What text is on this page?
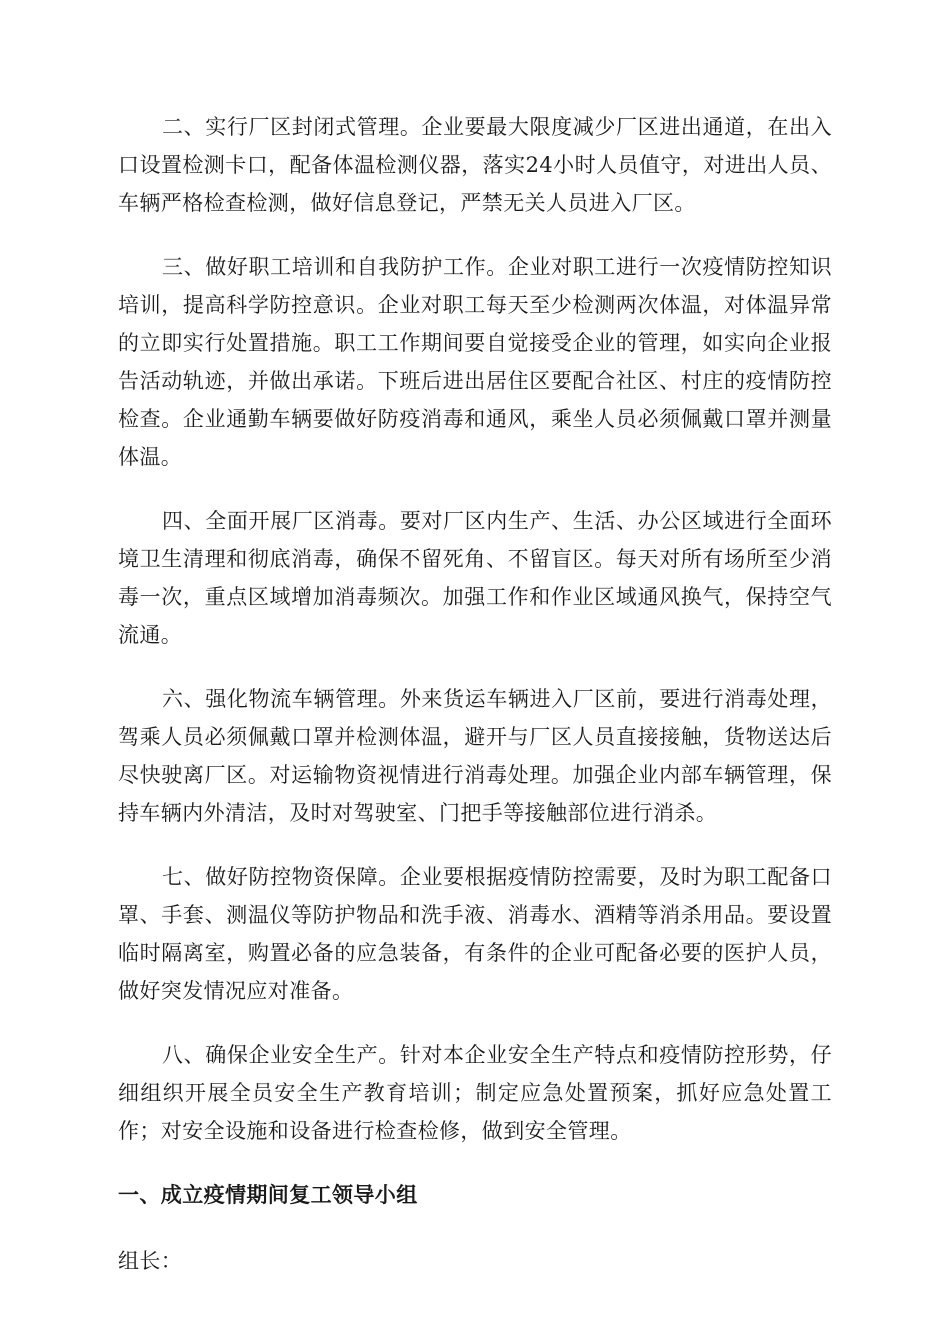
二、实行厂区封闭式管理。企业要最大限度减少厂区进出通道，在出入口设置检测卡口，配备体温检测仪器，落实24小时人员值守，对进出人员、车辆严格检查检测，做好信息登记，严禁无关人员进入厂区。

三、做好职工培训和自我防护工作。企业对职工进行一次疫情防控知识培训，提高科学防控意识。企业对职工每天至少检测两次体温，对体温异常的立即实行处置措施。职工工作期间要自觉接受企业的管理，如实向企业报告活动轨迹，并做出承诺。下班后进出居住区要配合社区、村庄的疫情防控检查。企业通勤车辆要做好防疫消毒和通风，乘坐人员必须佩戴口罩并测量体温。

四、全面开展厂区消毒。要对厂区内生产、生活、办公区域进行全面环境卫生清理和彻底消毒，确保不留死角、不留盲区。每天对所有场所至少消毒一次，重点区域增加消毒频次。加强工作和作业区域通风换气，保持空气流通。

六、强化物流车辆管理。外来货运车辆进入厂区前，要进行消毒处理，驾乘人员必须佩戴口罩并检测体温，避开与厂区人员直接接触，货物送达后尽快驶离厂区。对运输物资视情进行消毒处理。加强企业内部车辆管理，保持车辆内外清洁，及时对驾驶室、门把手等接触部位进行消杀。

七、做好防控物资保障。企业要根据疫情防控需要，及时为职工配备口罩、手套、测温仪等防护物品和洗手液、消毒水、酒精等消杀用品。要设置临时隔离室，购置必备的应急装备，有条件的企业可配备必要的医护人员，做好突发情况应对准备。

八、确保企业安全生产。针对本企业安全生产特点和疫情防控形势，仔细组织开展全员安全生产教育培训；制定应急处置预案，抓好应急处置工作；对安全设施和设备进行检查检修，做到安全管理。

一、成立疫情期间复工领导小组

组长：
